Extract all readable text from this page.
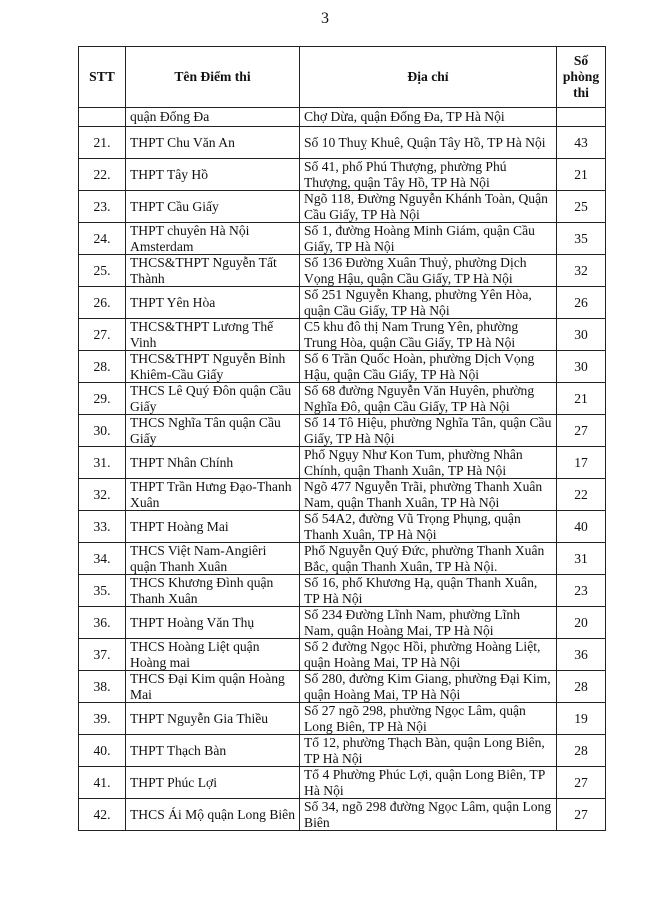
3
STT	Tên Điểm thi	Địa chỉ	Số phòng thi
	quận Đống Đa	Chợ Dừa, quận Đống Đa, TP Hà Nội	
21.	THPT Chu Văn An	Số 10 Thuỵ Khuê, Quận Tây Hồ, TP Hà Nội	43
22.	THPT Tây Hồ	Số 41, phố Phú Thượng, phường Phú Thượng, quận Tây Hồ, TP Hà Nội	21
23.	THPT Cầu Giấy	Ngõ 118, Đường Nguyễn Khánh Toàn, Quận Cầu Giấy, TP Hà Nội	25
24.	THPT chuyên Hà Nội Amsterdam	Số 1, đường Hoàng Minh Giám, quận Cầu Giấy, TP Hà Nội	35
25.	THCS&THPT Nguyễn Tất Thành	Số 136 Đường Xuân Thuỷ, phường Dịch Vọng Hậu, quận Cầu Giấy, TP Hà Nội	32
26.	THPT Yên Hòa	Số 251 Nguyễn Khang, phường Yên Hòa, quận Cầu Giấy, TP Hà Nội	26
27.	THCS&THPT Lương Thế Vinh	C5 khu đô thị Nam Trung Yên, phường Trung Hòa, quận Cầu Giấy, TP Hà Nội	30
28.	THCS&THPT Nguyễn Bỉnh Khiêm-Cầu Giấy	Số 6 Trần Quốc Hoàn, phường Dịch Vọng Hậu, quận Cầu Giấy, TP Hà Nội	30
29.	THCS Lê Quý Đôn quận Cầu Giấy	Số 68 đường Nguyễn Văn Huyên, phường Nghĩa Đô, quận Cầu Giấy, TP Hà Nội	21
30.	THCS Nghĩa Tân quận Cầu Giấy	Số 14 Tô Hiệu, phường Nghĩa Tân, quận Cầu Giấy, TP Hà Nội	27
31.	THPT Nhân Chính	Phố Ngụy Như Kon Tum, phường Nhân Chính, quận Thanh Xuân, TP Hà Nội	17
32.	THPT Trần Hưng Đạo-Thanh Xuân	Ngõ 477 Nguyễn Trãi, phường Thanh Xuân Nam, quận Thanh Xuân, TP Hà Nội	22
33.	THPT Hoàng Mai	Số 54A2, đường Vũ Trọng Phụng, quận Thanh Xuân, TP Hà Nội	40
34.	THCS Việt Nam-Angiêri quận Thanh Xuân	Phố Nguyễn Quý Đức, phường Thanh Xuân Bắc, quận Thanh Xuân, TP Hà Nội.	31
35.	THCS Khương Đình quận Thanh Xuân	Số 16, phố Khương Hạ, quận Thanh Xuân, TP Hà Nội	23
36.	THPT Hoàng Văn Thụ	Số 234 Đường Lĩnh Nam, phường Lĩnh Nam, quận Hoàng Mai, TP Hà Nội	20
37.	THCS Hoàng Liệt quận Hoàng mai	Số 2 đường Ngọc Hồi, phường Hoàng Liệt, quận Hoàng Mai, TP Hà Nội	36
38.	THCS Đại Kim quận Hoàng Mai	Số 280, đường Kim Giang, phường Đại Kim, quận Hoàng Mai, TP Hà Nội	28
39.	THPT Nguyễn Gia Thiều	Số 27 ngõ 298, phường Ngọc Lâm, quận Long Biên, TP Hà Nội	19
40.	THPT Thạch Bàn	Tổ 12, phường Thạch Bàn, quận Long Biên, TP Hà Nội	28
41.	THPT Phúc Lợi	Tổ 4 Phường Phúc Lợi, quận Long Biên, TP Hà Nội	27
42.	THCS Ái Mộ quận Long Biên	Số 34, ngõ 298 đường Ngọc Lâm, quận Long Biên	27
